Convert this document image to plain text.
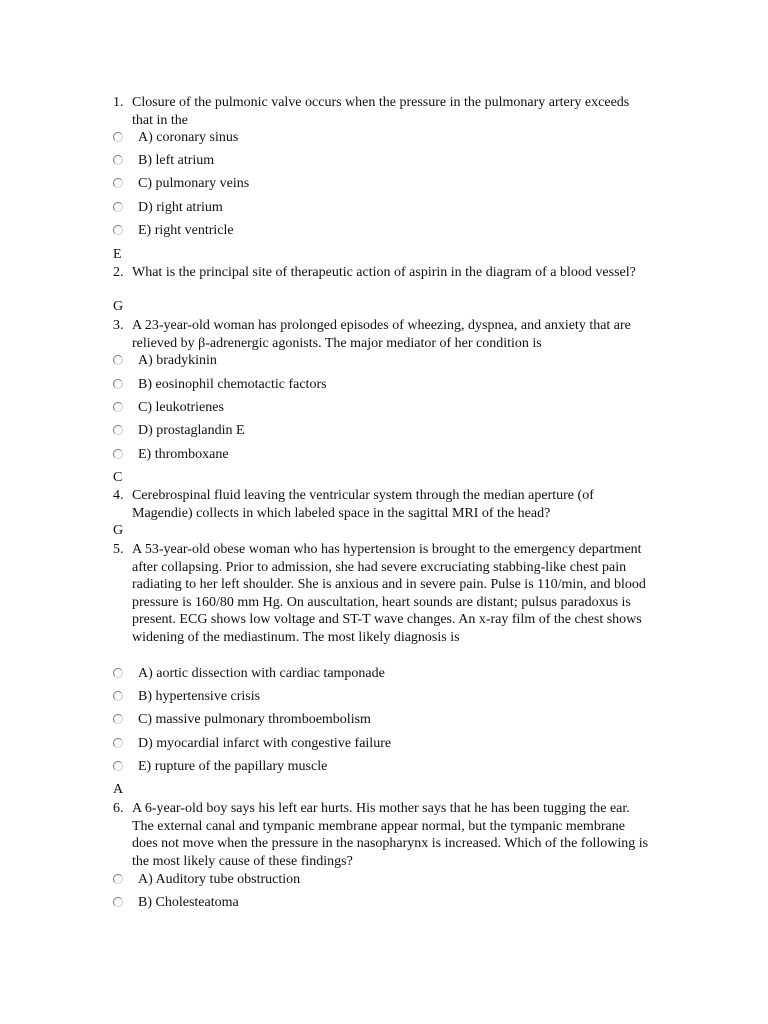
1. Closure of the pulmonic valve occurs when the pressure in the pulmonary artery exceeds that in the
A) coronary sinus
B) left atrium
C) pulmonary veins
D) right atrium
E) right ventricle
E
2. What is the principal site of therapeutic action of aspirin in the diagram of a blood vessel?
G
3. A 23-year-old woman has prolonged episodes of wheezing, dyspnea, and anxiety that are relieved by β-adrenergic agonists. The major mediator of her condition is
A) bradykinin
B) eosinophil chemotactic factors
C) leukotrienes
D) prostaglandin E
E) thromboxane
C
4. Cerebrospinal fluid leaving the ventricular system through the median aperture (of Magendie) collects in which labeled space in the sagittal MRI of the head?
G
5. A 53-year-old obese woman who has hypertension is brought to the emergency department after collapsing. Prior to admission, she had severe excruciating stabbing-like chest pain radiating to her left shoulder. She is anxious and in severe pain. Pulse is 110/min, and blood pressure is 160/80 mm Hg. On auscultation, heart sounds are distant; pulsus paradoxus is present. ECG shows low voltage and ST-T wave changes. An x-ray film of the chest shows widening of the mediastinum. The most likely diagnosis is
A) aortic dissection with cardiac tamponade
B) hypertensive crisis
C) massive pulmonary thromboembolism
D) myocardial infarct with congestive failure
E) rupture of the papillary muscle
A
6. A 6-year-old boy says his left ear hurts. His mother says that he has been tugging the ear. The external canal and tympanic membrane appear normal, but the tympanic membrane does not move when the pressure in the nasopharynx is increased. Which of the following is the most likely cause of these findings?
A) Auditory tube obstruction
B) Cholesteatoma
